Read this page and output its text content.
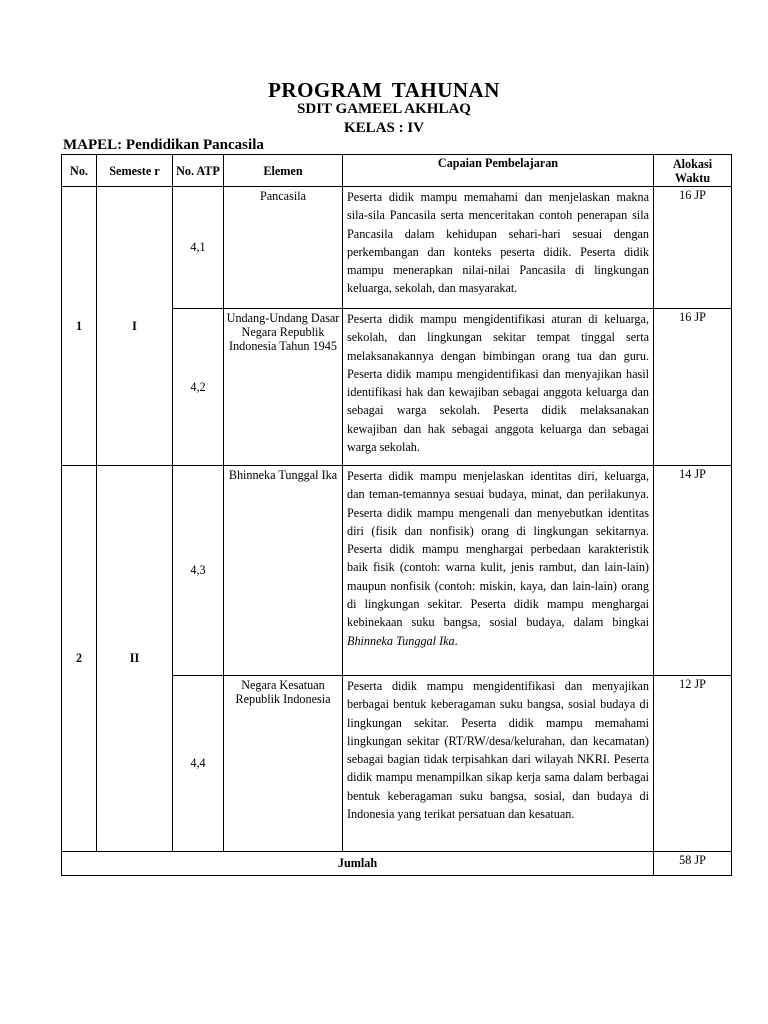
PROGRAM TAHUNAN
SDIT GAMEEL AKHLAQ
KELAS : IV
MAPEL: Pendidikan Pancasila
No.	Semeste r	No. ATP	Elemen	Capaian Pembelajaran	Alokasi Waktu
1	I	4,1	Pancasila	Peserta didik mampu memahami dan menjelaskan makna sila-sila Pancasila serta menceritakan contoh penerapan sila Pancasila dalam kehidupan sehari-hari sesuai dengan perkembangan dan konteks peserta didik. Peserta didik mampu menerapkan nilai-nilai Pancasila di lingkungan keluarga, sekolah, dan masyarakat.	16 JP
		4,2	Undang-Undang Dasar Negara Republik Indonesia Tahun 1945	Peserta didik mampu mengidentifikasi aturan di keluarga, sekolah, dan lingkungan sekitar tempat tinggal serta melaksanakannya dengan bimbingan orang tua dan guru. Peserta didik mampu mengidentifikasi dan menyajikan hasil identifikasi hak dan kewajiban sebagai anggota keluarga dan sebagai warga sekolah. Peserta didik melaksanakan kewajiban dan hak sebagai anggota keluarga dan sebagai warga sekolah.	16 JP
2	II	4,3	Bhinneka Tunggal Ika	Peserta didik mampu menjelaskan identitas diri, keluarga, dan teman-temannya sesuai budaya, minat, dan perilakunya. Peserta didik mampu mengenali dan menyebutkan identitas diri (fisik dan nonfisik) orang di lingkungan sekitarnya. Peserta didik mampu menghargai perbedaan karakteristik baik fisik (contoh: warna kulit, jenis rambut, dan lain-lain) maupun nonfisik (contoh: miskin, kaya, dan lain-lain) orang di lingkungan sekitar. Peserta didik mampu menghargai kebinekaan suku bangsa, sosial budaya, dalam bingkai Bhinneka Tunggal Ika.	14 JP
		4,4	Negara Kesatuan Republik Indonesia	Peserta didik mampu mengidentifikasi dan menyajikan berbagai bentuk keberagaman suku bangsa, sosial budaya di lingkungan sekitar. Peserta didik mampu memahami lingkungan sekitar (RT/RW/desa/kelurahan, dan kecamatan) sebagai bagian tidak terpisahkan dari wilayah NKRI. Peserta didik mampu menampilkan sikap kerja sama dalam berbagai bentuk keberagaman suku bangsa, sosial, dan budaya di Indonesia yang terikat persatuan dan kesatuan.	12 JP
Jumlah					58 JP
